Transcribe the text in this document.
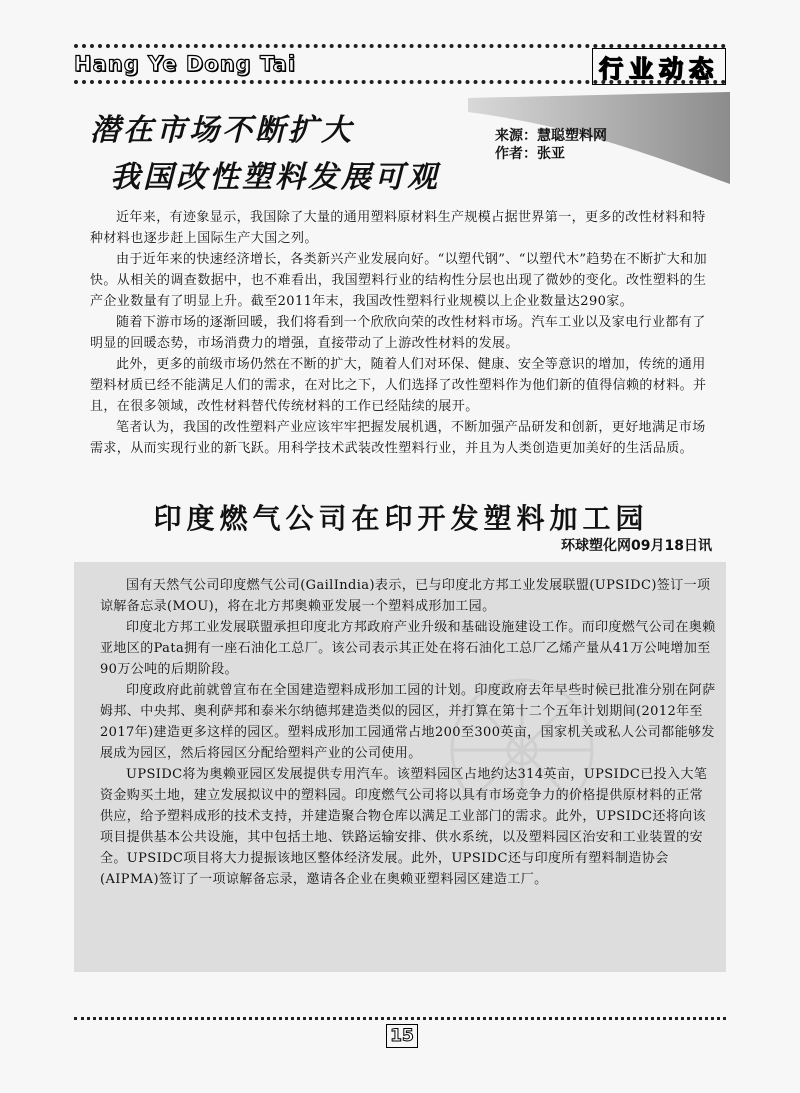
Hang Ye Dong Tai	行业动态
潜在市场不断扩大
我国改性塑料发展可观
来源：慧聪塑料网
作者：张亚

近年来，有迹象显示，我国除了大量的通用塑料原材料生产规模占据世界第一，更多的改性材料和特种材料也逐步赶上国际生产大国之列。

由于近年来的快速经济增长，各类新兴产业发展向好。“以塑代钢”、“以塑代木”趋势在不断扩大和加快。从相关的调查数据中，也不难看出，我国塑料行业的结构性分层也出现了微妙的变化。改性塑料的生产企业数量有了明显上升。截至2011年末，我国改性塑料行业规模以上企业数量达290家。

随着下游市场的逐渐回暖，我们将看到一个欣欣向荣的改性材料市场。汽车工业以及家电行业都有了明显的回暖态势，市场消费力的增强，直接带动了上游改性材料的发展。

此外，更多的前级市场仍然在不断的扩大，随着人们对环保、健康、安全等意识的增加，传统的通用塑料材质已经不能满足人们的需求，在对比之下，人们选择了改性塑料作为他们新的值得信赖的材料。并且，在很多领域，改性材料替代传统材料的工作已经陆续的展开。

笔者认为，我国的改性塑料产业应该牢牢把握发展机遇，不断加强产品研发和创新，更好地满足市场需求，从而实现行业的新飞跃。用科学技术武装改性塑料行业，并且为人类创造更加美好的生活品质。

印度燃气公司在印开发塑料加工园
环球塑化网09月18日讯

国有天然气公司印度燃气公司(GailIndia)表示，已与印度北方邦工业发展联盟(UPSIDC)签订一项谅解备忘录(MOU)，将在北方邦奥赖亚发展一个塑料成形加工园。

印度北方邦工业发展联盟承担印度北方邦政府产业升级和基础设施建设工作。而印度燃气公司在奥赖亚地区的Pata拥有一座石油化工总厂。该公司表示其正处在将石油化工总厂乙烯产量从41万公吨增加至90万公吨的后期阶段。

印度政府此前就曾宣布在全国建造塑料成形加工园的计划。印度政府去年早些时候已批准分别在阿萨姆邦、中央邦、奥利萨邦和泰米尔纳德邦建造类似的园区，并打算在第十二个五年计划期间(2012年至2017年)建造更多这样的园区。塑料成形加工园通常占地200至300英亩，国家机关或私人公司都能够发展成为园区，然后将园区分配给塑料产业的公司使用。

UPSIDC将为奥赖亚园区发展提供专用汽车。该塑料园区占地约达314英亩，UPSIDC已投入大笔资金购买土地，建立发展拟议中的塑料园。印度燃气公司将以具有市场竞争力的价格提供原材料的正常供应，给予塑料成形的技术支持，并建造聚合物仓库以满足工业部门的需求。此外，UPSIDC还将向该项目提供基本公共设施，其中包括土地、铁路运输安排、供水系统，以及塑料园区治安和工业装置的安全。UPSIDC项目将大力提振该地区整体经济发展。此外，UPSIDC还与印度所有塑料制造协会(AIPMA)签订了一项谅解备忘录，邀请各企业在奥赖亚塑料园区建造工厂。

15
